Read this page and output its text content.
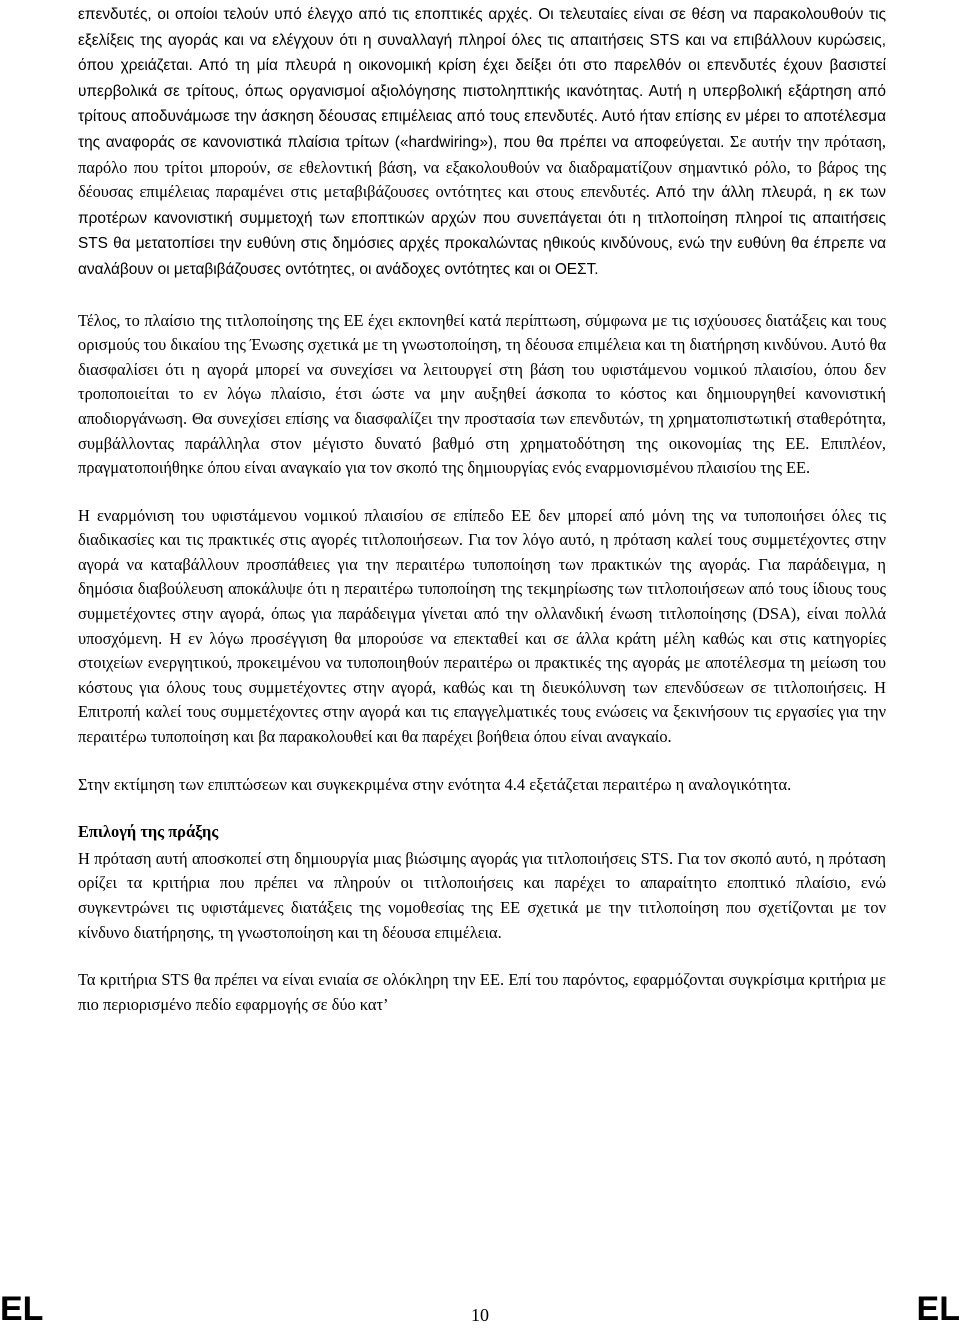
επενδυτές, οι οποίοι τελούν υπό έλεγχο από τις εποπτικές αρχές. Οι τελευταίες είναι σε θέση να παρακολουθούν τις εξελίξεις της αγοράς και να ελέγχουν ότι η συναλλαγή πληροί όλες τις απαιτήσεις STS και να επιβάλλουν κυρώσεις, όπου χρειάζεται. Από τη μία πλευρά η οικονομική κρίση έχει δείξει ότι στο παρελθόν οι επενδυτές έχουν βασιστεί υπερβολικά σε τρίτους, όπως οργανισμοί αξιολόγησης πιστοληπτικής ικανότητας. Αυτή η υπερβολική εξάρτηση από τρίτους αποδυνάμωσε την άσκηση δέουσας επιμέλειας από τους επενδυτές. Αυτό ήταν επίσης εν μέρει το αποτέλεσμα της αναφοράς σε κανονιστικά πλαίσια τρίτων («hardwiring»), που θα πρέπει να αποφεύγεται. Σε αυτήν την πρόταση, παρόλο που τρίτοι μπορούν, σε εθελοντική βάση, να εξακολουθούν να διαδραματίζουν σημαντικό ρόλο, το βάρος της δέουσας επιμέλειας παραμένει στις μεταβιβάζουσες οντότητες και στους επενδυτές. Από την άλλη πλευρά, η εκ των προτέρων κανονιστική συμμετοχή των εποπτικών αρχών που συνεπάγεται ότι η τιτλοποίηση πληροί τις απαιτήσεις STS θα μετατοπίσει την ευθύνη στις δημόσιες αρχές προκαλώντας ηθικούς κινδύνους, ενώ την ευθύνη θα έπρεπε να αναλάβουν οι μεταβιβάζουσες οντότητες, οι ανάδοχες οντότητες και οι ΟΕΣΤ.

Τέλος, το πλαίσιο της τιτλοποίησης της ΕΕ έχει εκπονηθεί κατά περίπτωση, σύμφωνα με τις ισχύουσες διατάξεις και τους ορισμούς του δικαίου της Ένωσης σχετικά με τη γνωστοποίηση, τη δέουσα επιμέλεια και τη διατήρηση κινδύνου. Αυτό θα διασφαλίσει ότι η αγορά μπορεί να συνεχίσει να λειτουργεί στη βάση του υφιστάμενου νομικού πλαισίου, όπου δεν τροποποιείται το εν λόγω πλαίσιο, έτσι ώστε να μην αυξηθεί άσκοπα το κόστος και δημιουργηθεί κανονιστική αποδιοργάνωση. Θα συνεχίσει επίσης να διασφαλίζει την προστασία των επενδυτών, τη χρηματοπιστωτική σταθερότητα, συμβάλλοντας παράλληλα στον μέγιστο δυνατό βαθμό στη χρηματοδότηση της οικονομίας της ΕΕ. Επιπλέον, πραγματοποιήθηκε όπου είναι αναγκαίο για τον σκοπό της δημιουργίας ενός εναρμονισμένου πλαισίου της ΕΕ.

Η εναρμόνιση του υφιστάμενου νομικού πλαισίου σε επίπεδο ΕΕ δεν μπορεί από μόνη της να τυποποιήσει όλες τις διαδικασίες και τις πρακτικές στις αγορές τιτλοποιήσεων. Για τον λόγο αυτό, η πρόταση καλεί τους συμμετέχοντες στην αγορά να καταβάλλουν προσπάθειες για την περαιτέρω τυποποίηση των πρακτικών της αγοράς. Για παράδειγμα, η δημόσια διαβούλευση αποκάλυψε ότι η περαιτέρω τυποποίηση της τεκμηρίωσης των τιτλοποιήσεων από τους ίδιους τους συμμετέχοντες στην αγορά, όπως για παράδειγμα γίνεται από την ολλανδική ένωση τιτλοποίησης (DSA), είναι πολλά υποσχόμενη. Η εν λόγω προσέγγιση θα μπορούσε να επεκταθεί και σε άλλα κράτη μέλη καθώς και στις κατηγορίες στοιχείων ενεργητικού, προκειμένου να τυποποιηθούν περαιτέρω οι πρακτικές της αγοράς με αποτέλεσμα τη μείωση του κόστους για όλους τους συμμετέχοντες στην αγορά, καθώς και τη διευκόλυνση των επενδύσεων σε τιτλοποιήσεις. Η Επιτροπή καλεί τους συμμετέχοντες στην αγορά και τις επαγγελματικές τους ενώσεις να ξεκινήσουν τις εργασίες για την περαιτέρω τυποποίηση και βα παρακολουθεί και θα παρέχει βοήθεια όπου είναι αναγκαίο.

Στην εκτίμηση των επιπτώσεων και συγκεκριμένα στην ενότητα 4.4 εξετάζεται περαιτέρω η αναλογικότητα.

Επιλογή της πράξης

Η πρόταση αυτή αποσκοπεί στη δημιουργία μιας βιώσιμης αγοράς για τιτλοποιήσεις STS. Για τον σκοπό αυτό, η πρόταση ορίζει τα κριτήρια που πρέπει να πληρούν οι τιτλοποιήσεις και παρέχει το απαραίτητο εποπτικό πλαίσιο, ενώ συγκεντρώνει τις υφιστάμενες διατάξεις της νομοθεσίας της ΕΕ σχετικά με την τιτλοποίηση που σχετίζονται με τον κίνδυνο διατήρησης, τη γνωστοποίηση και τη δέουσα επιμέλεια.

Τα κριτήρια STS θα πρέπει να είναι ενιαία σε ολόκληρη την ΕΕ. Επί του παρόντος, εφαρμόζονται συγκρίσιμα κριτήρια με πιο περιορισμένο πεδίο εφαρμογής σε δύο κατ’

EL	10	EL
